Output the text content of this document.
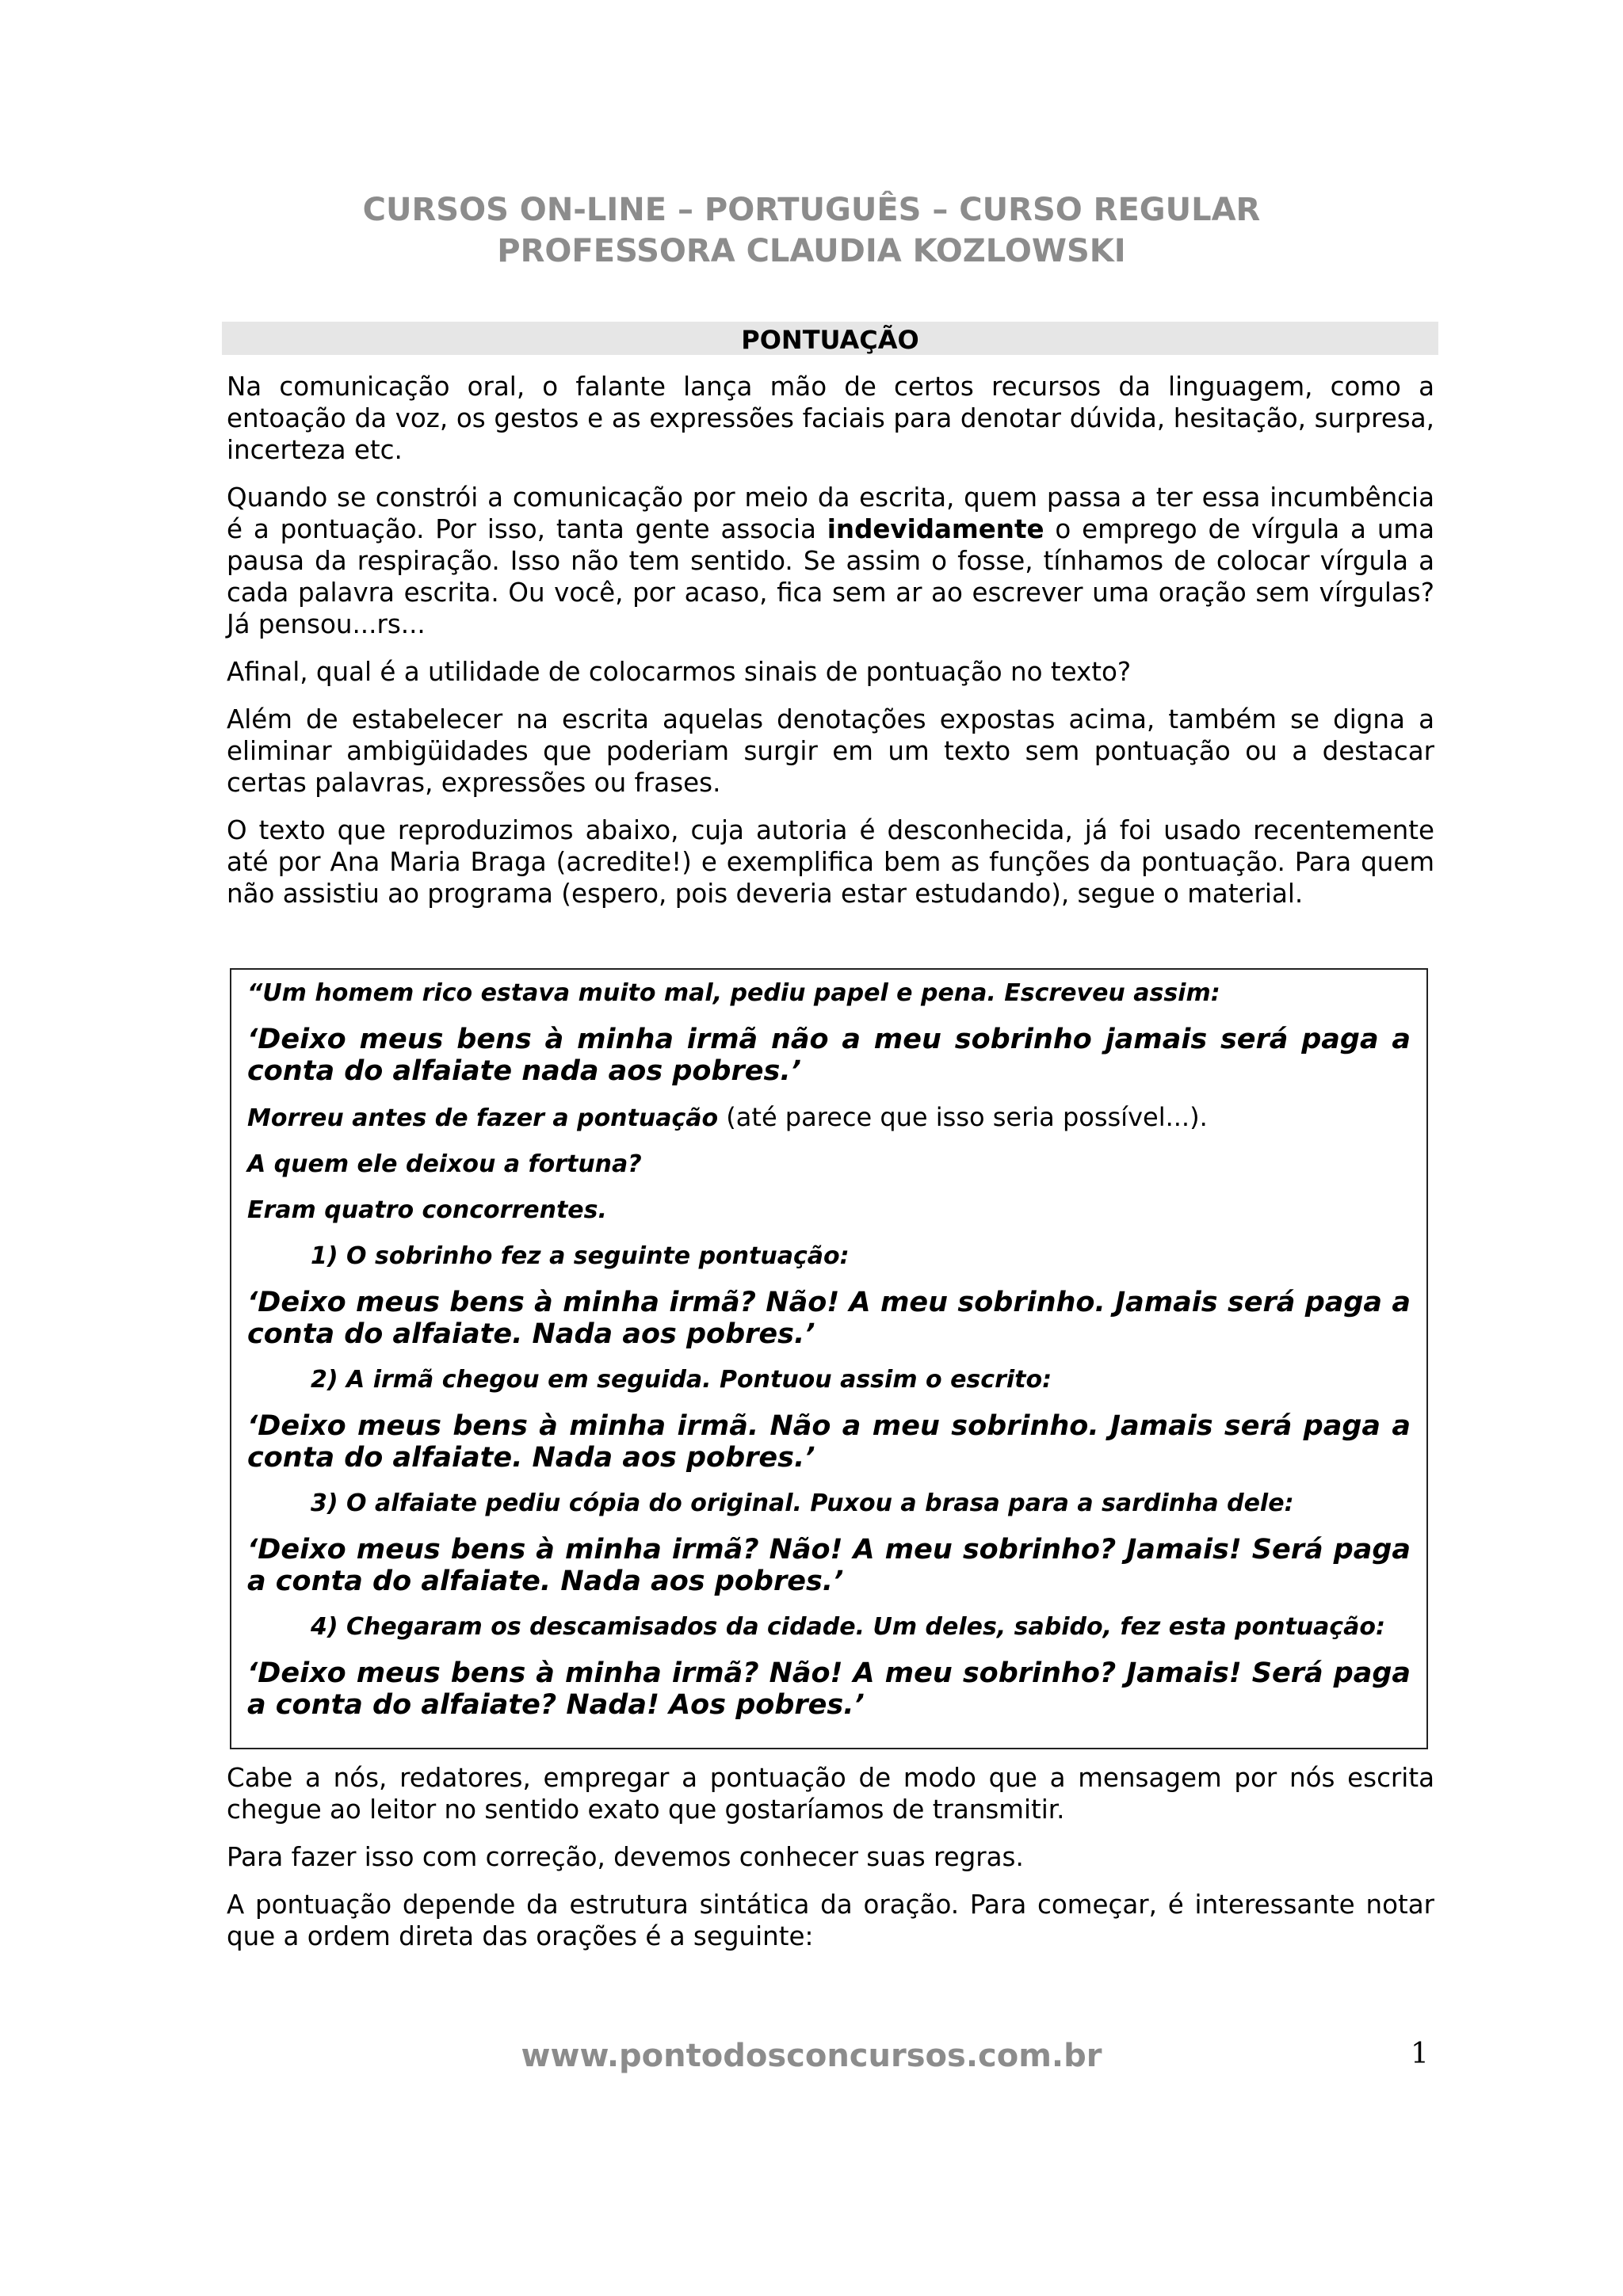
CURSOS ON-LINE – PORTUGUÊS – CURSO REGULAR
PROFESSORA CLAUDIA KOZLOWSKI
PONTUAÇÃO

Na comunicação oral, o falante lança mão de certos recursos da linguagem, como a entoação da voz, os gestos e as expressões faciais para denotar dúvida, hesitação, surpresa, incerteza etc.

Quando se constrói a comunicação por meio da escrita, quem passa a ter essa incumbência é a pontuação. Por isso, tanta gente associa indevidamente o emprego de vírgula a uma pausa da respiração. Isso não tem sentido. Se assim o fosse, tínhamos de colocar vírgula a cada palavra escrita. Ou você, por acaso, fica sem ar ao escrever uma oração sem vírgulas? Já pensou...rs...

Afinal, qual é a utilidade de colocarmos sinais de pontuação no texto?

Além de estabelecer na escrita aquelas denotações expostas acima, também se digna a eliminar ambigüidades que poderiam surgir em um texto sem pontuação ou a destacar certas palavras, expressões ou frases.

O texto que reproduzimos abaixo, cuja autoria é desconhecida, já foi usado recentemente até por Ana Maria Braga (acredite!) e exemplifica bem as funções da pontuação. Para quem não assistiu ao programa (espero, pois deveria estar estudando), segue o material.

“Um homem rico estava muito mal, pediu papel e pena. Escreveu assim:

‘Deixo meus bens à minha irmã não a meu sobrinho jamais será paga a conta do alfaiate nada aos pobres.’

Morreu antes de fazer a pontuação (até parece que isso seria possível...).

A quem ele deixou a fortuna?

Eram quatro concorrentes.

1) O sobrinho fez a seguinte pontuação:

‘Deixo meus bens à minha irmã? Não! A meu sobrinho. Jamais será paga a conta do alfaiate. Nada aos pobres.’

2) A irmã chegou em seguida. Pontuou assim o escrito:

‘Deixo meus bens à minha irmã. Não a meu sobrinho. Jamais será paga a conta do alfaiate. Nada aos pobres.’

3) O alfaiate pediu cópia do original. Puxou a brasa para a sardinha dele:

‘Deixo meus bens à minha irmã? Não! A meu sobrinho? Jamais! Será paga a conta do alfaiate. Nada aos pobres.’

4) Chegaram os descamisados da cidade. Um deles, sabido, fez esta pontuação:

‘Deixo meus bens à minha irmã? Não! A meu sobrinho? Jamais! Será paga a conta do alfaiate? Nada! Aos pobres.’

Cabe a nós, redatores, empregar a pontuação de modo que a mensagem por nós escrita chegue ao leitor no sentido exato que gostaríamos de transmitir.

Para fazer isso com correção, devemos conhecer suas regras.

A pontuação depende da estrutura sintática da oração. Para começar, é interessante notar que a ordem direta das orações é a seguinte:

www.pontodosconcursos.com.br	1
